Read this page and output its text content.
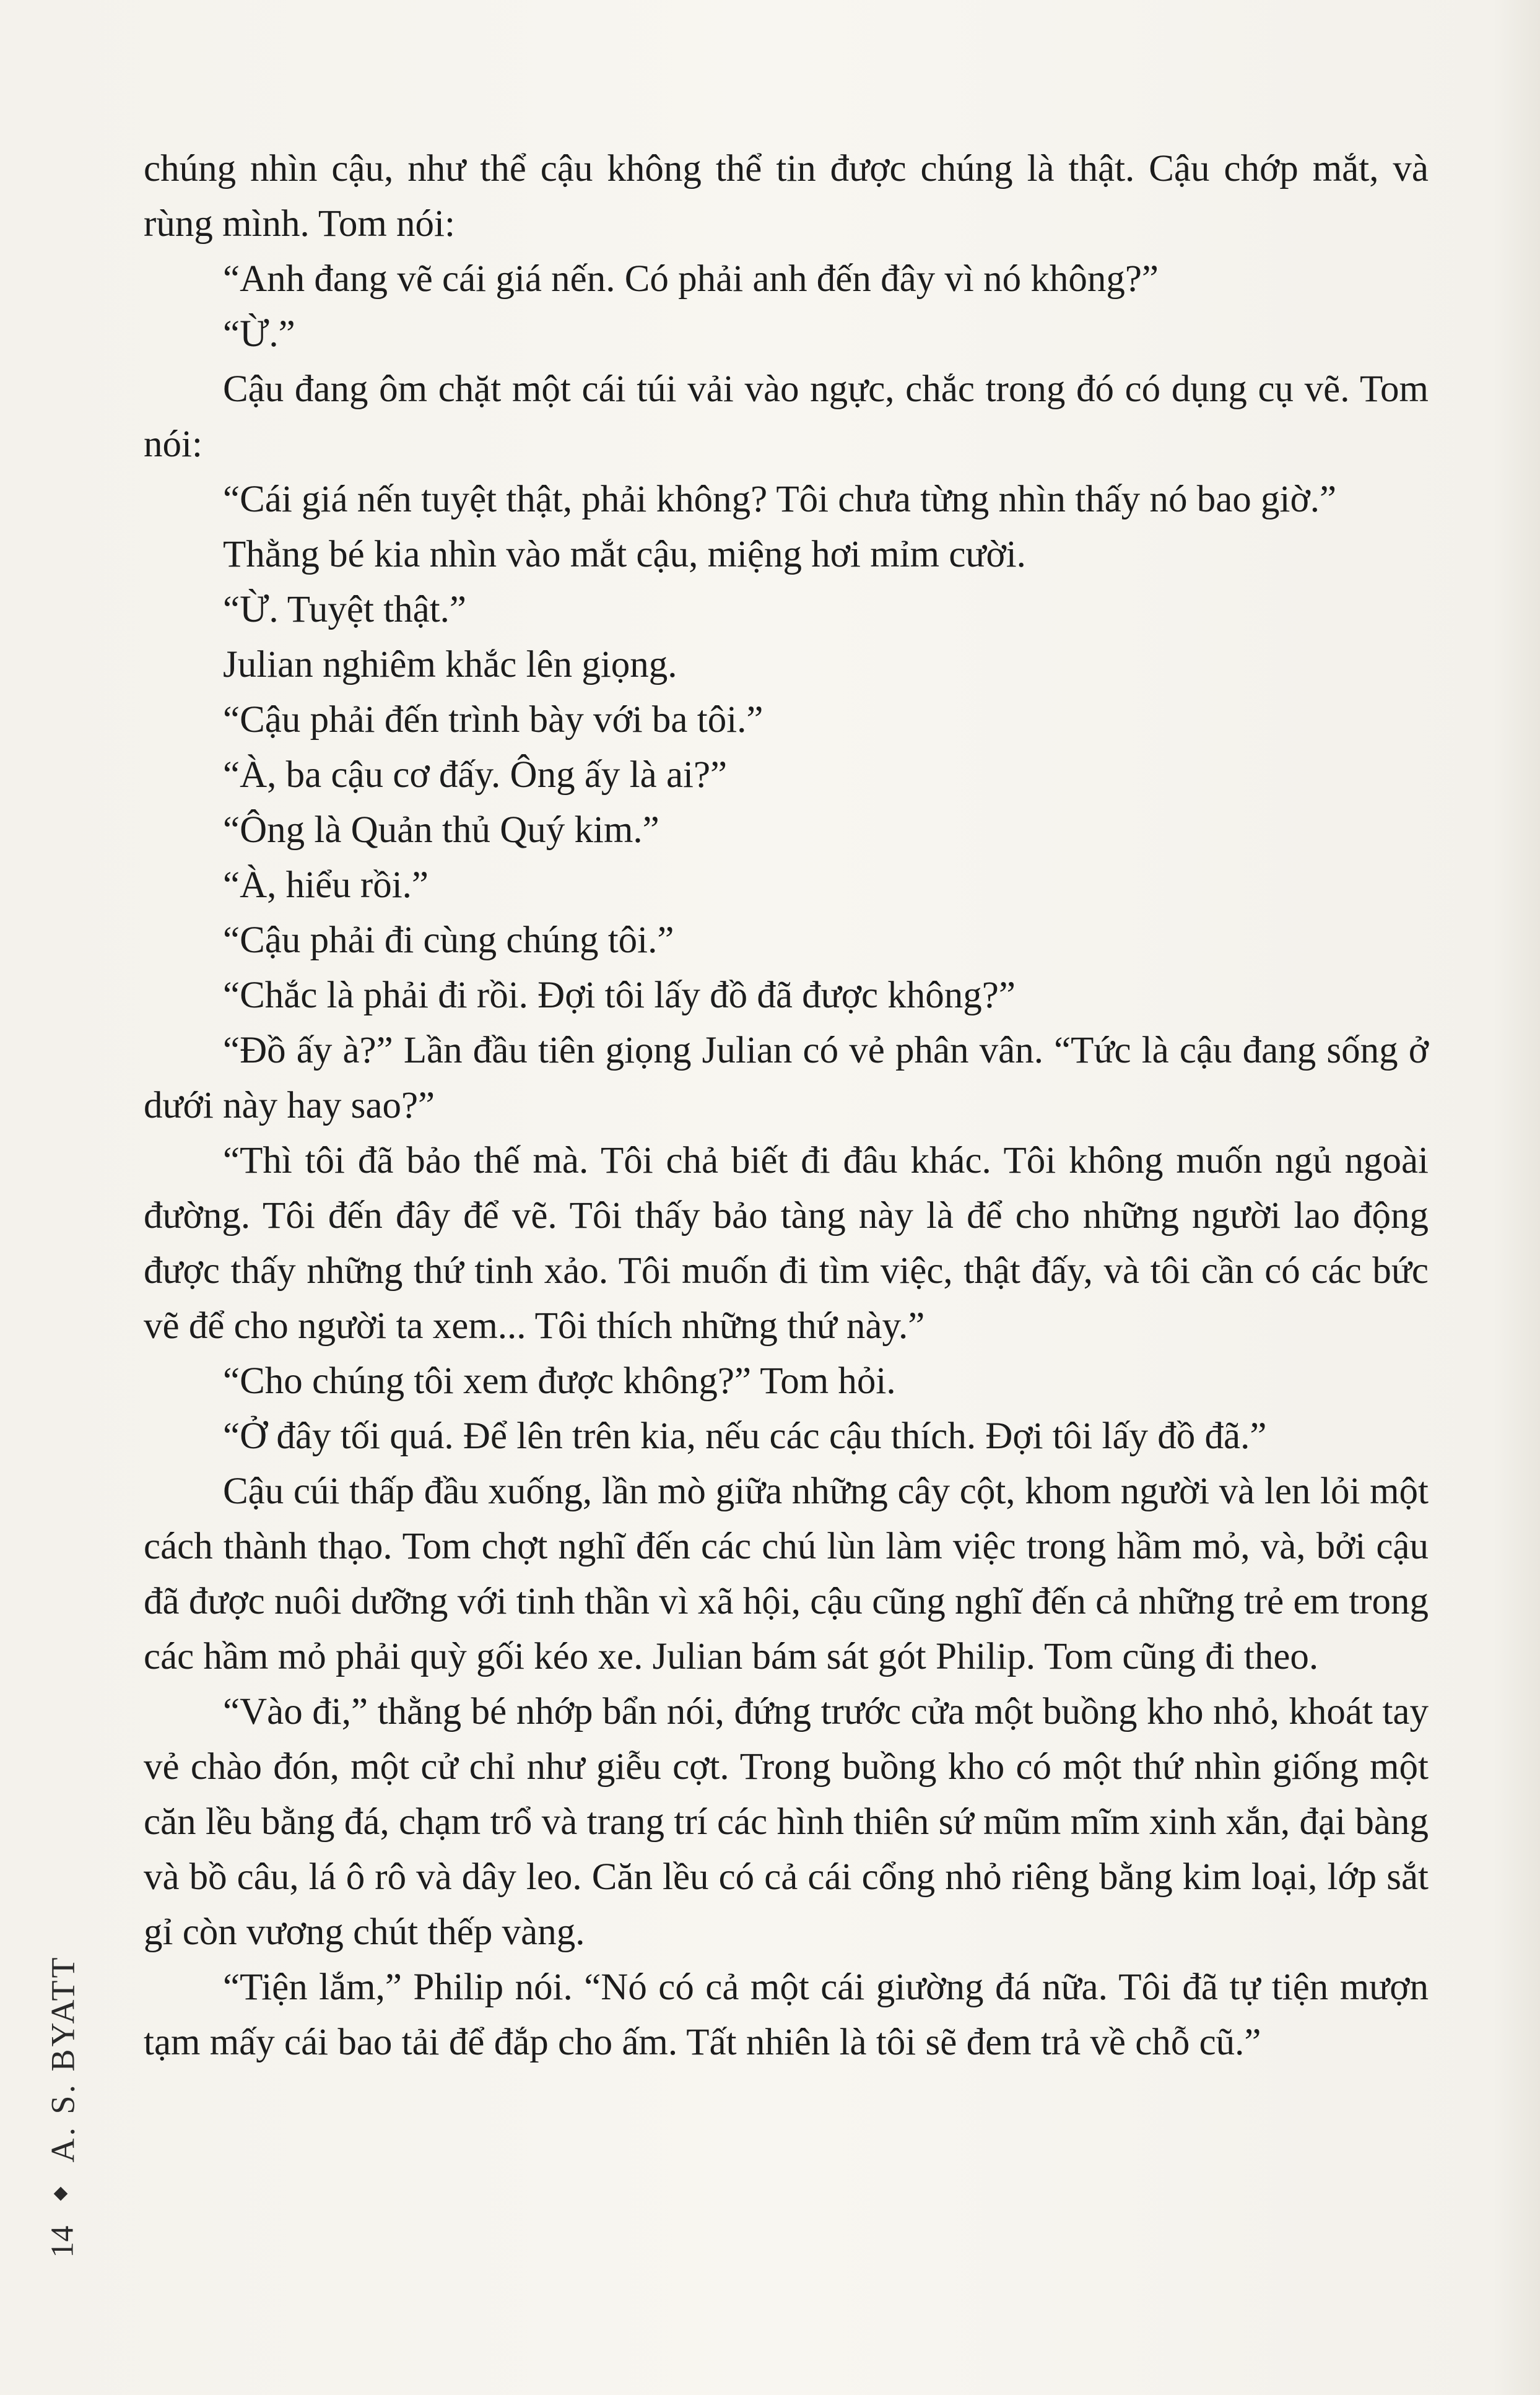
chúng nhìn cậu, như thể cậu không thể tin được chúng là thật. Cậu chớp mắt, và rùng mình. Tom nói:

“Anh đang vẽ cái giá nến. Có phải anh đến đây vì nó không?”

“Ừ.”

Cậu đang ôm chặt một cái túi vải vào ngực, chắc trong đó có dụng cụ vẽ. Tom nói:

“Cái giá nến tuyệt thật, phải không? Tôi chưa từng nhìn thấy nó bao giờ.”

Thằng bé kia nhìn vào mắt cậu, miệng hơi mỉm cười.

“Ừ. Tuyệt thật.”

Julian nghiêm khắc lên giọng.

“Cậu phải đến trình bày với ba tôi.”

“À, ba cậu cơ đấy. Ông ấy là ai?”

“Ông là Quản thủ Quý kim.”

“À, hiểu rồi.”

“Cậu phải đi cùng chúng tôi.”

“Chắc là phải đi rồi. Đợi tôi lấy đồ đã được không?”

“Đồ ấy à?” Lần đầu tiên giọng Julian có vẻ phân vân. “Tức là cậu đang sống ở dưới này hay sao?”

“Thì tôi đã bảo thế mà. Tôi chả biết đi đâu khác. Tôi không muốn ngủ ngoài đường. Tôi đến đây để vẽ. Tôi thấy bảo tàng này là để cho những người lao động được thấy những thứ tinh xảo. Tôi muốn đi tìm việc, thật đấy, và tôi cần có các bức vẽ để cho người ta xem... Tôi thích những thứ này.”

“Cho chúng tôi xem được không?” Tom hỏi.

“Ở đây tối quá. Để lên trên kia, nếu các cậu thích. Đợi tôi lấy đồ đã.”

Cậu cúi thấp đầu xuống, lần mò giữa những cây cột, khom người và len lỏi một cách thành thạo. Tom chợt nghĩ đến các chú lùn làm việc trong hầm mỏ, và, bởi cậu đã được nuôi dưỡng với tinh thần vì xã hội, cậu cũng nghĩ đến cả những trẻ em trong các hầm mỏ phải quỳ gối kéo xe. Julian bám sát gót Philip. Tom cũng đi theo.

“Vào đi,” thằng bé nhớp bẩn nói, đứng trước cửa một buồng kho nhỏ, khoát tay vẻ chào đón, một cử chỉ như giễu cợt. Trong buồng kho có một thứ nhìn giống một căn lều bằng đá, chạm trổ và trang trí các hình thiên sứ mũm mĩm xinh xắn, đại bàng và bồ câu, lá ô rô và dây leo. Căn lều có cả cái cổng nhỏ riêng bằng kim loại, lớp sắt gỉ còn vương chút thếp vàng.

“Tiện lắm,” Philip nói. “Nó có cả một cái giường đá nữa. Tôi đã tự tiện mượn tạm mấy cái bao tải để đắp cho ấm. Tất nhiên là tôi sẽ đem trả về chỗ cũ.”

A. S. BYATT
14
